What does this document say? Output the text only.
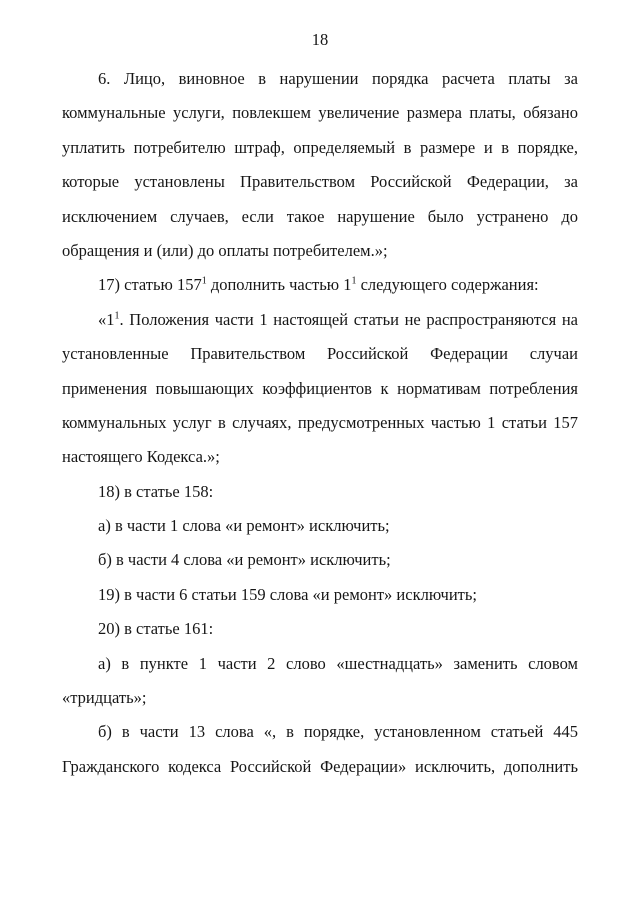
18
6. Лицо, виновное в нарушении порядка расчета платы за
коммунальные услуги, повлекшем увеличение размера платы, обязано
уплатить потребителю штраф, определяемый в размере и в порядке,
которые установлены Правительством Российской Федерации, за
исключением случаев, если такое нарушение было устранено до
обращения и (или) до оплаты потребителем.»;
17) статью $157^1$ дополнить частью $1^1$ следующего содержания:
«$1^1$. Положения части 1 настоящей статьи не распространяются на
установленные Правительством Российской Федерации случаи
применения повышающих коэффициентов к нормативам потребления
коммунальных услуг в случаях, предусмотренных частью 1 статьи 157
настоящего Кодекса.»;
18) в статье 158:
а) в части 1 слова «и ремонт» исключить;
б) в части 4 слова «и ремонт» исключить;
19) в части 6 статьи 159 слова «и ремонт» исключить;
20) в статье 161:
а) в пункте 1 части 2 слово «шестнадцать» заменить словом
«тридцать»;
б) в части 13 слова «, в порядке, установленном статьей 445
Гражданского кодекса Российской Федерации» исключить, дополнить
